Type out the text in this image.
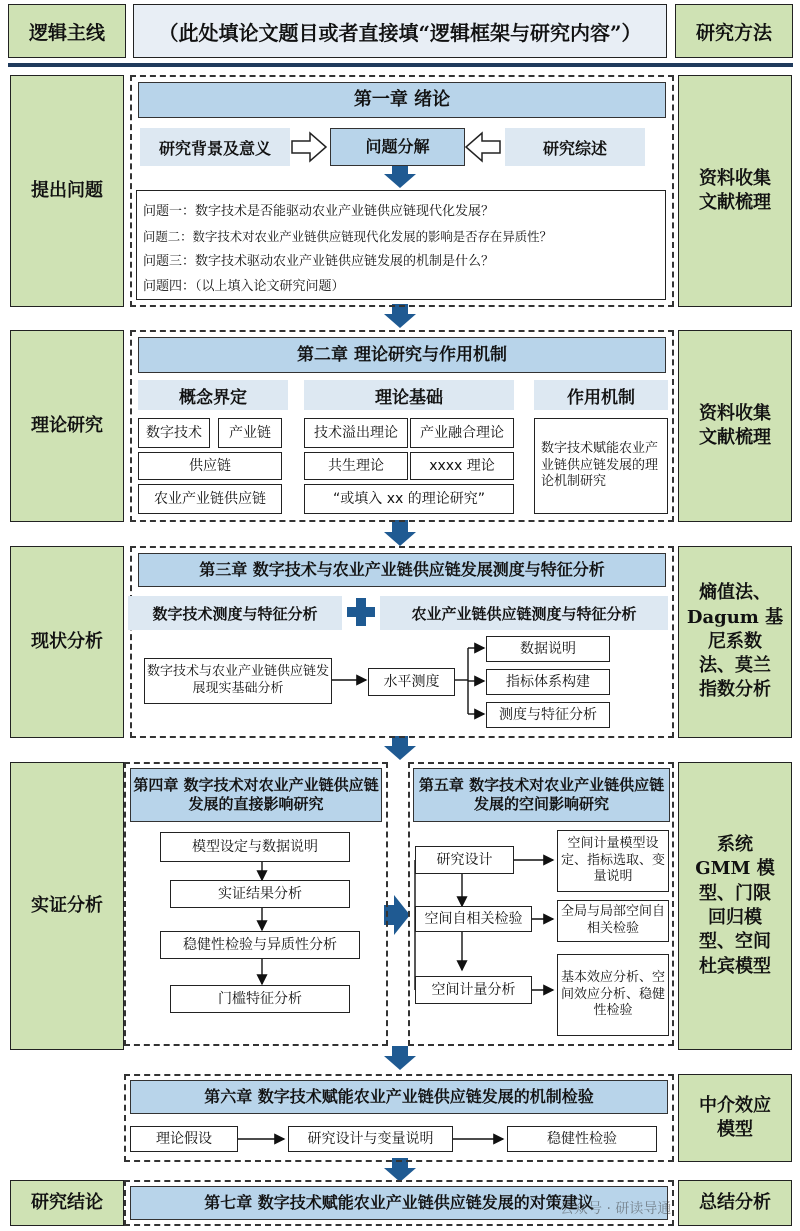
逻辑主线	（此处填论文题目或者直接填“逻辑框架与研究内容”）	研究方法
提出问题
理论研究
现状分析
实证分析
研究结论
资料收集
文献梳理
资料收集
文献梳理
熵值法、
Dagum 基
尼系数
法、莫兰
指数分析
系统
GMM 模
型、门限
回归模
型、空间
杜宾模型
中介效应
模型
总结分析
第一章 绪论
研究背景及意义	问题分解	研究综述
问题一：数字技术是否能驱动农业产业链供应链现代化发展？
问题二：数字技术对农业产业链供应链现代化发展的影响是否存在异质性？
问题三：数字技术驱动农业产业链供应链发展的机制是什么？
问题四：（以上填入论文研究问题）
第二章 理论研究与作用机制
概念界定	理论基础	作用机制
数字技术	产业链
供应链
农业产业链供应链
技术溢出理论	产业融合理论
共生理论	xxxx 理论
“或填入 xx 的理论研究”
数字技术赋能农业产业链供应链发展的理论机制研究
第三章 数字技术与农业产业链供应链发展测度与特征分析
数字技术测度与特征分析	农业产业链供应链测度与特征分析
数字技术与农业产业链供应链发展现实基础分析	水平测度
数据说明
指标体系构建
测度与特征分析
第四章 数字技术对农业产业链供应链发展的直接影响研究
模型设定与数据说明
实证结果分析
稳健性检验与异质性分析
门槛特征分析
第五章 数字技术对农业产业链供应链发展的空间影响研究
研究设计
空间自相关检验
空间计量分析
空间计量模型设定、指标选取、变量说明
全局与局部空间自相关检验
基本效应分析、空间效应分析、稳健性检验
第六章 数字技术赋能农业产业链供应链发展的机制检验
理论假设	研究设计与变量说明	稳健性检验
第七章 数字技术赋能农业产业链供应链发展的对策建议
公众号 · 研读导通
